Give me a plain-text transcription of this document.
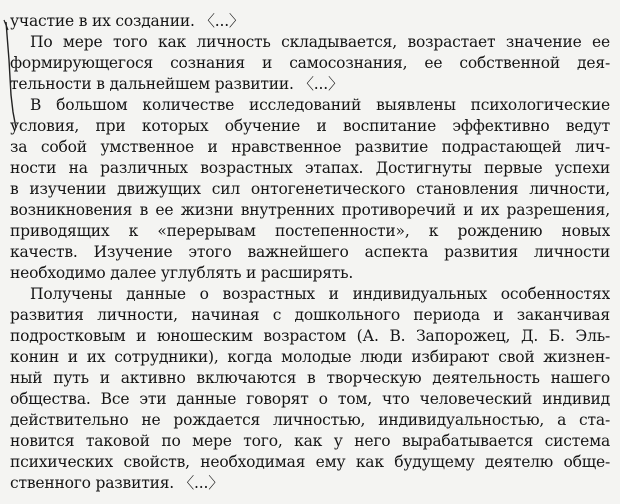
участие в их создании. 〈...〉
По мере того как личность складывается, возрастает значение ее
формирующегося сознания и самосознания, ее собственной дея-
тельности в дальнейшем развитии. 〈...〉
В большом количестве исследований выявлены психологические
условия, при которых обучение и воспитание эффективно ведут
за собой умственное и нравственное развитие подрастающей лич-
ности на различных возрастных этапах. Достигнуты первые успехи
в изучении движущих сил онтогенетического становления личности,
возникновения в ее жизни внутренних противоречий и их разрешения,
приводящих к «перерывам постепенности», к рождению новых
качеств. Изучение этого важнейшего аспекта развития личности
необходимо далее углублять и расширять.
Получены данные о возрастных и индивидуальных особенностях
развития личности, начиная с дошкольного периода и заканчивая
подростковым и юношеским возрастом (А. В. Запорожец, Д. Б. Эль-
конин и их сотрудники), когда молодые люди избирают свой жизнен-
ный путь и активно включаются в творческую деятельность нашего
общества. Все эти данные говорят о том, что человеческий индивид
действительно не рождается личностью, индивидуальностью, а ста-
новится таковой по мере того, как у него вырабатывается система
психических свойств, необходимая ему как будущему деятелю обще-
ственного развития. 〈...〉
